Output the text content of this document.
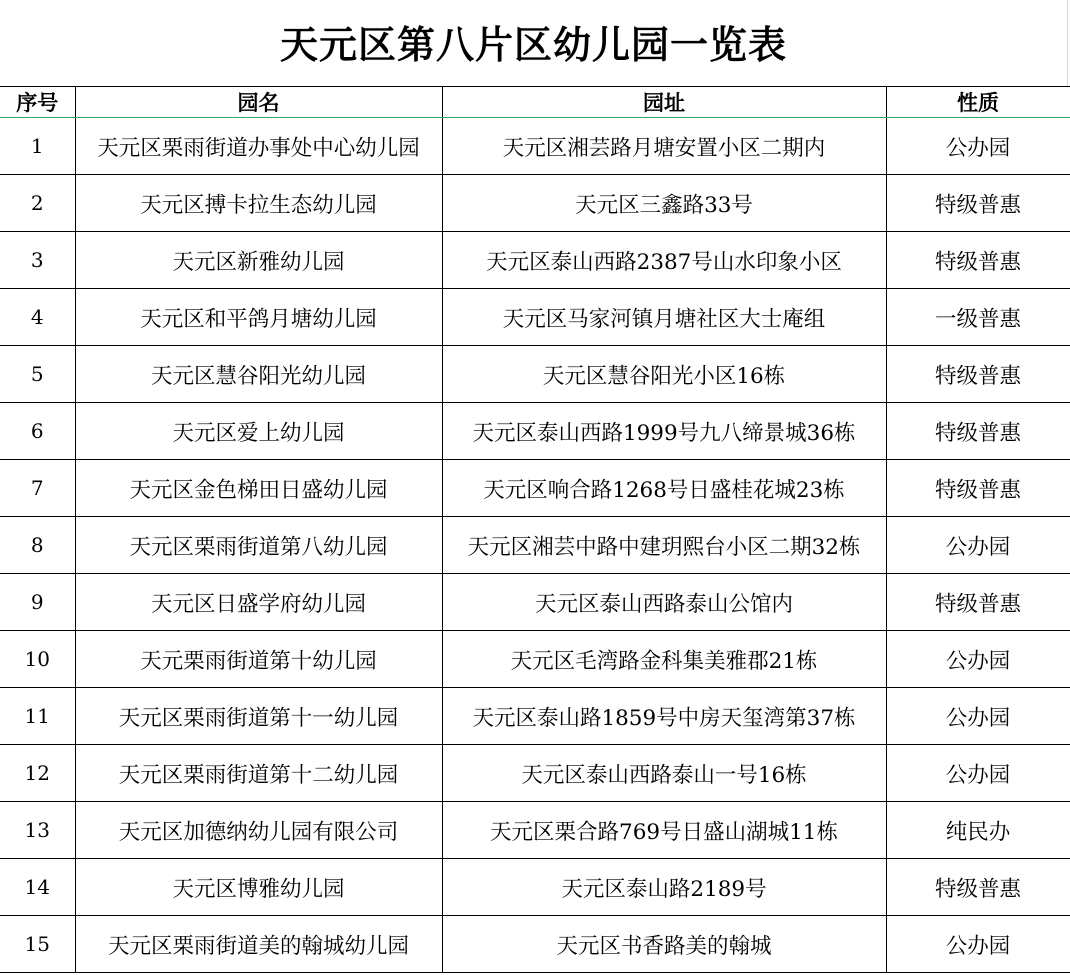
天元区第八片区幼儿园一览表
序号	园名	园址	性质
1	天元区栗雨街道办事处中心幼儿园	天元区湘芸路月塘安置小区二期内	公办园
2	天元区搏卡拉生态幼儿园	天元区三鑫路33号	特级普惠
3	天元区新雅幼儿园	天元区泰山西路2387号山水印象小区	特级普惠
4	天元区和平鸽月塘幼儿园	天元区马家河镇月塘社区大士庵组	一级普惠
5	天元区慧谷阳光幼儿园	天元区慧谷阳光小区16栋	特级普惠
6	天元区爱上幼儿园	天元区泰山西路1999号九八缔景城36栋	特级普惠
7	天元区金色梯田日盛幼儿园	天元区响合路1268号日盛桂花城23栋	特级普惠
8	天元区栗雨街道第八幼儿园	天元区湘芸中路中建玥熙台小区二期32栋	公办园
9	天元区日盛学府幼儿园	天元区泰山西路泰山公馆内	特级普惠
10	天元栗雨街道第十幼儿园	天元区毛湾路金科集美雅郡21栋	公办园
11	天元区栗雨街道第十一幼儿园	天元区泰山路1859号中房天玺湾第37栋	公办园
12	天元区栗雨街道第十二幼儿园	天元区泰山西路泰山一号16栋	公办园
13	天元区加德纳幼儿园有限公司	天元区栗合路769号日盛山湖城11栋	纯民办
14	天元区博雅幼儿园	天元区泰山路2189号	特级普惠
15	天元区栗雨街道美的翰城幼儿园	天元区书香路美的翰城	公办园
